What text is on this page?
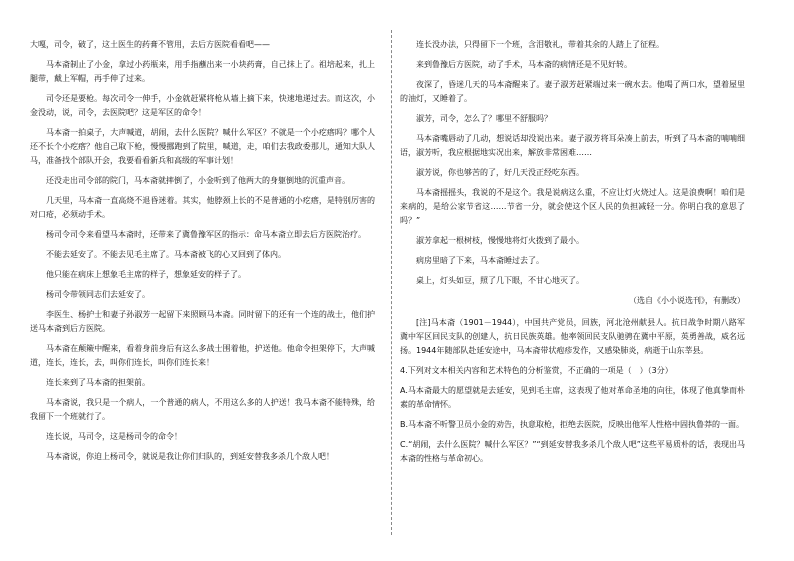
大嘎，司令，破了，这土医生的药膏不管用，去后方医院看看吧——

马本斋制止了小金，拿过小药瓶来，用手指蘸出来一小块药膏，自己抹上了。祖培起来，扎上腿带，戴上军帽，再手伸了过来。

司令还是要枪。每次司令一伸手，小金就赶紧将枪从墙上摘下来，快速地递过去。而这次，小金没动，说，司令，去医院吧？这是军区的命令！

马本斋一拍桌子，大声喊道，胡闹，去什么医院？喊什么军区？不就是一个小疙瘩吗？哪个人还不长个小疙瘩？他自己取下枪，慢慢挪跑到了院里，喊道，走，咱们去我政委那儿，通知大队人马，准备找个部队开会，我要看看新兵和高级的军事计划！

还没走出司令部的院门，马本斋就摔倒了，小金听到了他两大的身躯倒地的沉重声音。

几天里，马本斋一直高烧不退昏迷着。其实，他脖颈上长的不是普通的小疙瘩，是特别厉害的对口疮，必须动手术。

杨司令司令来看望马本斋时，还带来了冀鲁豫军区的指示：命马本斋立即去后方医院治疗。

不能去延安了。不能去见毛主席了。马本斋被飞的心又回到了体内。

他只能在病床上想象毛主席的样子，想象延安的样子了。

杨司令带领同志们去延安了。

李医生、杨护士和妻子孙淑芳一起留下来照顾马本斋。同时留下的还有一个连的战士，他们护送马本斋到后方医院。

马本斋在颠簸中醒来，看着身前身后有这么多战士围着他，护送他。他命令担架停下，大声喊道，连长，连长，去，叫你们连长，叫你们连长来！

连长来到了马本斋的担架前。

马本斋说，我只是一个病人，一个普通的病人，不用这么多的人护送！我马本斋不能特殊，给我留下一个班就行了。

连长说，马司令，这是杨司令的命令！

马本斋说，你迫上杨司令，就说是我让你们归队的，到延安替我多杀几个敌人吧！

连长没办法，只得留下一个班，含泪敬礼，带着其余的人踏上了征程。

来到鲁豫后方医院，动了手术，马本斋的病情还是不见好转。

夜深了，昏迷几天的马本斋醒来了。妻子淑芳赶紧端过来一碗水去。他喝了两口水，望着屋里的油灯，又睡着了。

淑芳，司令，怎么了？哪里不舒服吗？

马本斋嘴唇动了几动，想说话却没说出来。妻子淑芳将耳朵凑上前去，听到了马本斋的喃喃细语，淑芳听，我应根据地实况出来，解放非常困难……

淑芳说，你也够苦的了，好几天没正经吃东西。

马本斋摇摇头，我说的不是这个。我是说病这么重，不应让灯火烧过人。这是浪费啊！咱们是来病的，是给公家节省这……节省一分，就会使这个区人民的负担减轻一分。你明白我的意思了吗？”

淑芳拿起一根树枝，慢慢地将灯火拨到了最小。

病房里暗了下来，马本斋睡过去了。

桌上，灯头如豆，照了几下眼，不甘心地灭了。

（选自《小小说选刊》，有删改）

[注]马本斋（1901－1944），中国共产党员，回族，河北沧州献县人。抗日战争时期八路军冀中军区回民支队的创建人，抗日民族英雄。他率领回民支队驰骋在冀中平原，英勇善战，威名远扬。1944年随部队赴延安途中，马本斋带状疱疹发作，又感染肺炎，病逝于山东莘县。

4.下列对文本相关内容和艺术特色的分析鉴赏，不正确的一项是（　）（3分）

A.马本斋最大的愿望就是去延安，见到毛主席，这表现了他对革命圣地的向往，体现了他真挚而朴素的革命情怀。

B.马本斋不听警卫员小金的劝告，执意取枪，拒绝去医院，反映出他军人性格中固执鲁莽的一面。

C.“胡闹，去什么医院？喊什么军区？”“到延安替我多杀几个敌人吧”这些平易质朴的话，表现出马本斋的性格与革命初心。
